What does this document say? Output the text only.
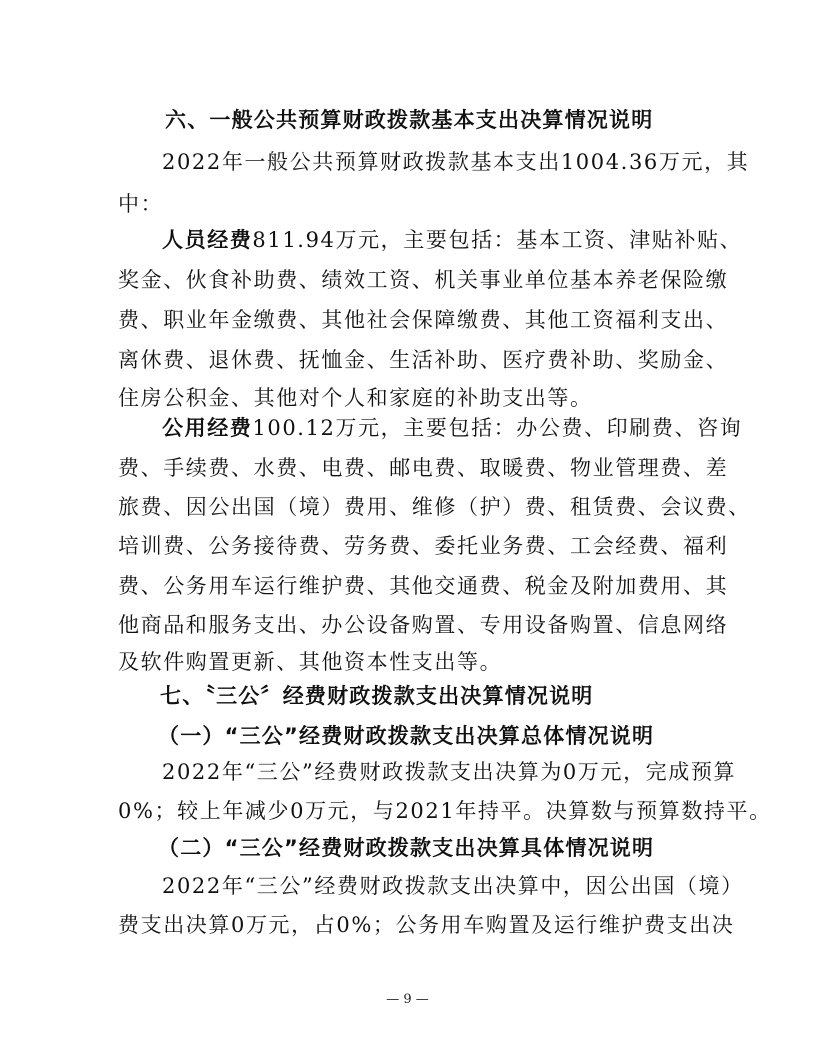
六、一般公共预算财政拨款基本支出决算情况说明
2022年一般公共预算财政拨款基本支出1004.36万元，其
中：
人员经费811.94万元，主要包括：基本工资、津贴补贴、
奖金、伙食补助费、绩效工资、机关事业单位基本养老保险缴
费、职业年金缴费、其他社会保障缴费、其他工资福利支出、
离休费、退休费、抚恤金、生活补助、医疗费补助、奖励金、
住房公积金、其他对个人和家庭的补助支出等。
公用经费100.12万元，主要包括：办公费、印刷费、咨询
费、手续费、水费、电费、邮电费、取暖费、物业管理费、差
旅费、因公出国（境）费用、维修（护）费、租赁费、会议费、
培训费、公务接待费、劳务费、委托业务费、工会经费、福利
费、公务用车运行维护费、其他交通费、税金及附加费用、其
他商品和服务支出、办公设备购置、专用设备购置、信息网络
及软件购置更新、其他资本性支出等。
七、〝三公〞经费财政拨款支出决算情况说明
（一）“三公”经费财政拨款支出决算总体情况说明
2022年“三公”经费财政拨款支出决算为0万元，完成预算
0%；较上年减少0万元，与2021年持平。决算数与预算数持平。
（二）“三公”经费财政拨款支出决算具体情况说明
2022年“三公”经费财政拨款支出决算中，因公出国（境）
费支出决算0万元，占0%；公务用车购置及运行维护费支出决
— 9 —
